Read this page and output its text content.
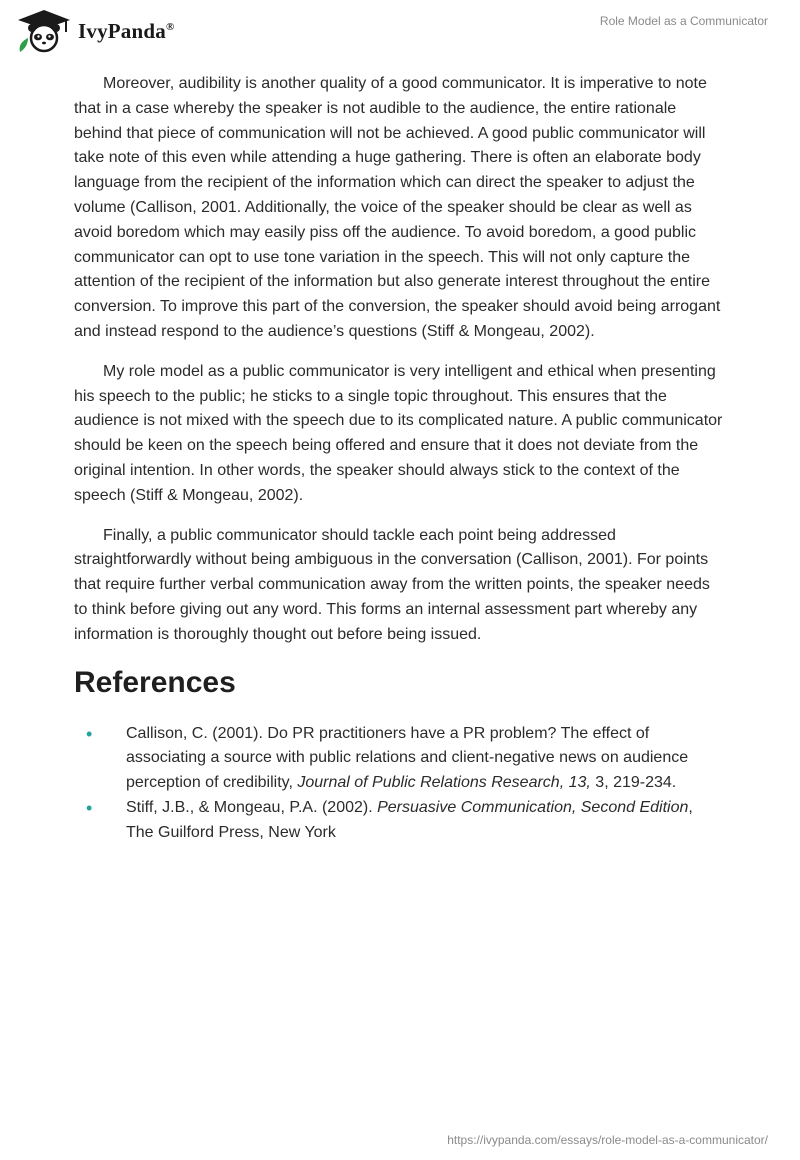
IvyPanda®	Role Model as a Communicator

Moreover, audibility is another quality of a good communicator. It is imperative to note that in a case whereby the speaker is not audible to the audience, the entire rationale behind that piece of communication will not be achieved. A good public communicator will take note of this even while attending a huge gathering. There is often an elaborate body language from the recipient of the information which can direct the speaker to adjust the volume (Callison, 2001. Additionally, the voice of the speaker should be clear as well as avoid boredom which may easily piss off the audience. To avoid boredom, a good public communicator can opt to use tone variation in the speech. This will not only capture the attention of the recipient of the information but also generate interest throughout the entire conversion. To improve this part of the conversion, the speaker should avoid being arrogant and instead respond to the audience’s questions (Stiff & Mongeau, 2002).

My role model as a public communicator is very intelligent and ethical when presenting his speech to the public; he sticks to a single topic throughout. This ensures that the audience is not mixed with the speech due to its complicated nature. A public communicator should be keen on the speech being offered and ensure that it does not deviate from the original intention. In other words, the speaker should always stick to the context of the speech (Stiff & Mongeau, 2002).

Finally, a public communicator should tackle each point being addressed straightforwardly without being ambiguous in the conversation (Callison, 2001). For points that require further verbal communication away from the written points, the speaker needs to think before giving out any word. This forms an internal assessment part whereby any information is thoroughly thought out before being issued.

References
• Callison, C. (2001). Do PR practitioners have a PR problem? The effect of associating a source with public relations and client-negative news on audience perception of credibility, Journal of Public Relations Research, 13, 3, 219-234.
• Stiff, J.B., & Mongeau, P.A. (2002). Persuasive Communication, Second Edition, The Guilford Press, New York
https://ivypanda.com/essays/role-model-as-a-communicator/
